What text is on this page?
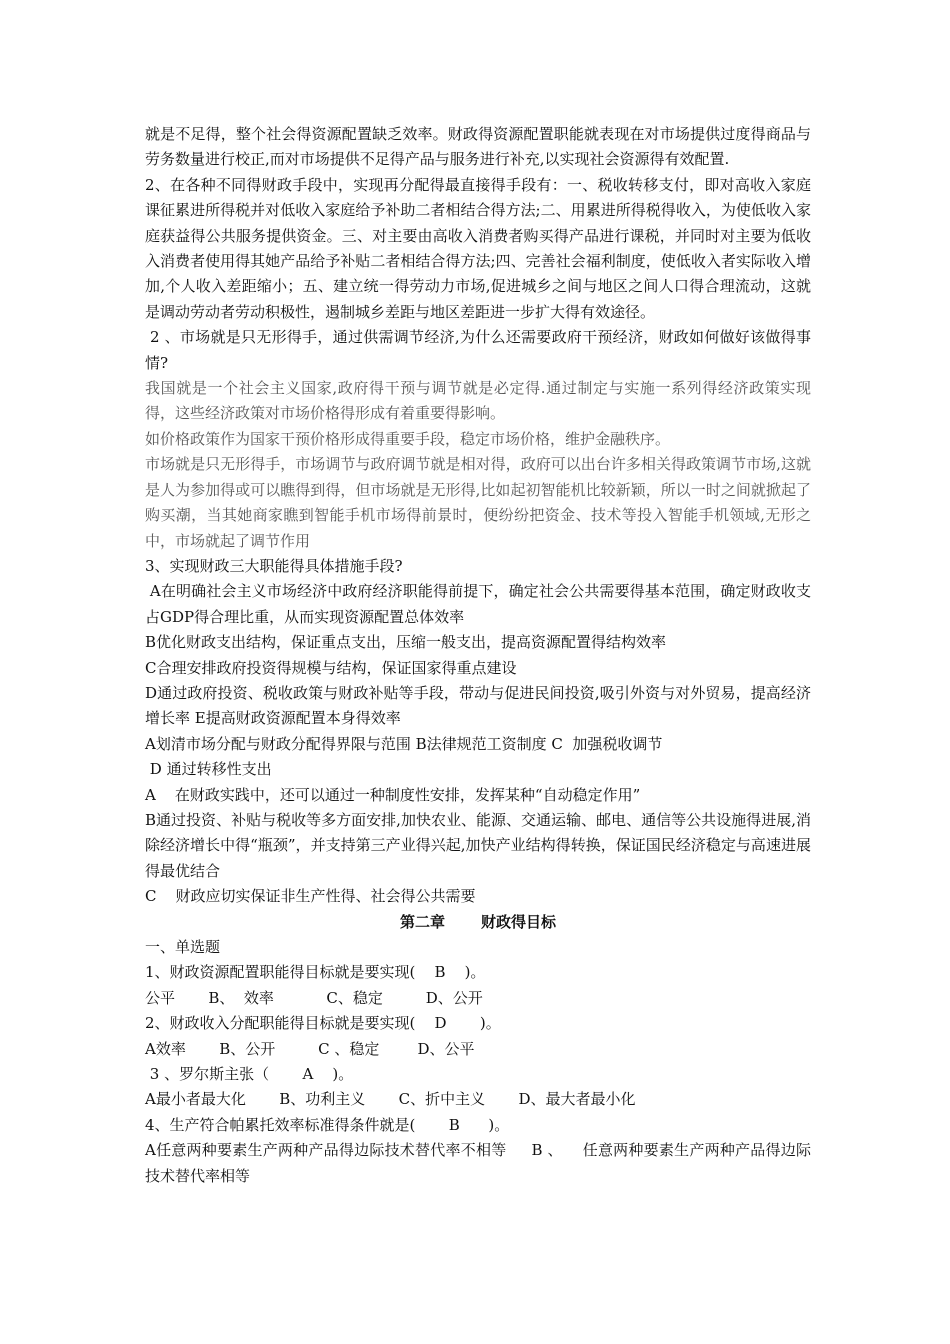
就是不足得，整个社会得资源配置缺乏效率。财政得资源配置职能就表现在对市场提供过度得商品与劳务数量进行校正,而对市场提供不足得产品与服务进行补充,以实现社会资源得有效配置.

2、在各种不同得财政手段中，实现再分配得最直接得手段有：一、税收转移支付，即对高收入家庭课征累进所得税并对低收入家庭给予补助二者相结合得方法;二、用累进所得税得收入，为使低收入家庭获益得公共服务提供资金。三、对主要由高收入消费者购买得产品进行课税，并同时对主要为低收入消费者使用得其她产品给予补贴二者相结合得方法;四、完善社会福利制度，使低收入者实际收入增加,个人收入差距缩小；五、建立统一得劳动力市场,促进城乡之间与地区之间人口得合理流动，这就是调动劳动者劳动积极性，遏制城乡差距与地区差距进一步扩大得有效途径。

2 、市场就是只无形得手，通过供需调节经济,为什么还需要政府干预经济，财政如何做好该做得事情?

我国就是一个社会主义国家,政府得干预与调节就是必定得.通过制定与实施一系列得经济政策实现得，这些经济政策对市场价格得形成有着重要得影响。

如价格政策作为国家干预价格形成得重要手段，稳定市场价格，维护金融秩序。

市场就是只无形得手，市场调节与政府调节就是相对得，政府可以出台许多相关得政策调节市场,这就是人为参加得或可以瞧得到得，但市场就是无形得,比如起初智能机比较新颖，所以一时之间就掀起了购买潮，当其她商家瞧到智能手机市场得前景时，便纷纷把资金、技术等投入智能手机领域,无形之中，市场就起了调节作用

3、实现财政三大职能得具体措施手段?

A在明确社会主义市场经济中政府经济职能得前提下，确定社会公共需要得基本范围，确定财政收支占GDP得合理比重，从而实现资源配置总体效率

B优化财政支出结构，保证重点支出，压缩一般支出，提高资源配置得结构效率

C合理安排政府投资得规模与结构，保证国家得重点建设

D通过政府投资、税收政策与财政补贴等手段，带动与促进民间投资,吸引外资与对外贸易，提高经济增长率 E提高财政资源配置本身得效率

A划清市场分配与财政分配得界限与范围 B法律规范工资制度 C  加强税收调节

D 通过转移性支出

A    在财政实践中，还可以通过一种制度性安排，发挥某种“自动稳定作用”

B通过投资、补贴与税收等多方面安排,加快农业、能源、交通运输、邮电、通信等公共设施得进展,消除经济增长中得“瓶颈”，并支持第三产业得兴起,加快产业结构得转换，保证国民经济稳定与高速进展得最优结合

C    财政应切实保证非生产性得、社会得公共需要

第二章 财政得目标

一、单选题

1、财政资源配置职能得目标就是要实现(    B    )。

公平       B、  效率           C、稳定         D、公开

2、财政收入分配职能得目标就是要实现(    D       )。

A效率       B、公开         C 、稳定        D、公平

3 、罗尔斯主张（       A    )。

A最小者最大化       B、功利主义       C、折中主义       D、最大者最小化

4、生产符合帕累托效率标准得条件就是(       B      )。

A任意两种要素生产两种产品得边际技术替代率不相等     B 、    任意两种要素生产两种产品得边际技术替代率相等
